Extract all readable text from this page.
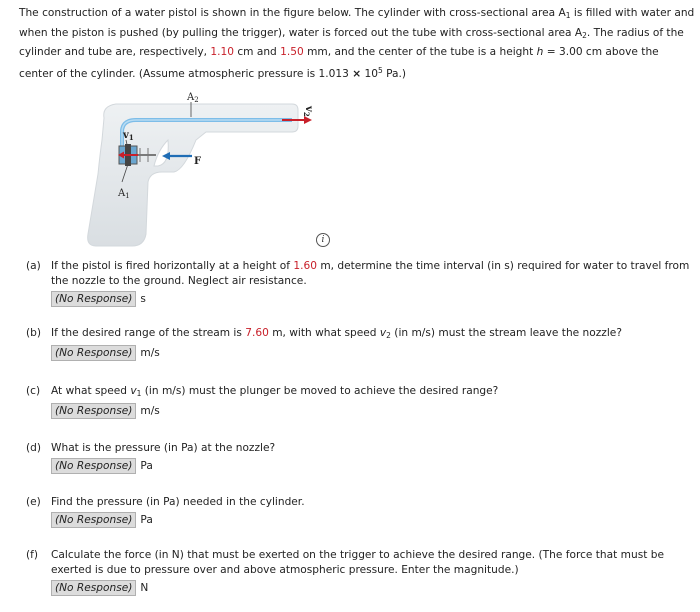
The construction of a water pistol is shown in the figure below. The cylinder with cross-sectional area $A_1$ is filled with water and when the piston is pushed (by pulling the trigger), water is forced out the tube with cross-sectional area $A_2$. The radius of the cylinder and tube are, respectively, 1.10 cm and 1.50 mm, and the center of the tube is a height h = 3.00 cm above the center of the cylinder. (Assume atmospheric pressure is $1.013 \times 10^5$ Pa.)
$A_2$
$A_1$
$v_1$
F
$v_2$
i
(a) If the pistol is fired horizontally at a height of 1.60 m, determine the time interval (in s) required for water to travel from the nozzle to the ground. Neglect air resistance.
(No Response) s
(b) If the desired range of the stream is 7.60 m, with what speed $v_2$ (in m/s) must the stream leave the nozzle?
(No Response) m/s
(c) At what speed $v_1$ (in m/s) must the plunger be moved to achieve the desired range?
(No Response) m/s
(d) What is the pressure (in Pa) at the nozzle?
(No Response) Pa
(e) Find the pressure (in Pa) needed in the cylinder.
(No Response) Pa
(f) Calculate the force (in N) that must be exerted on the trigger to achieve the desired range. (The force that must be exerted is due to pressure over and above atmospheric pressure. Enter the magnitude.)
(No Response) N
